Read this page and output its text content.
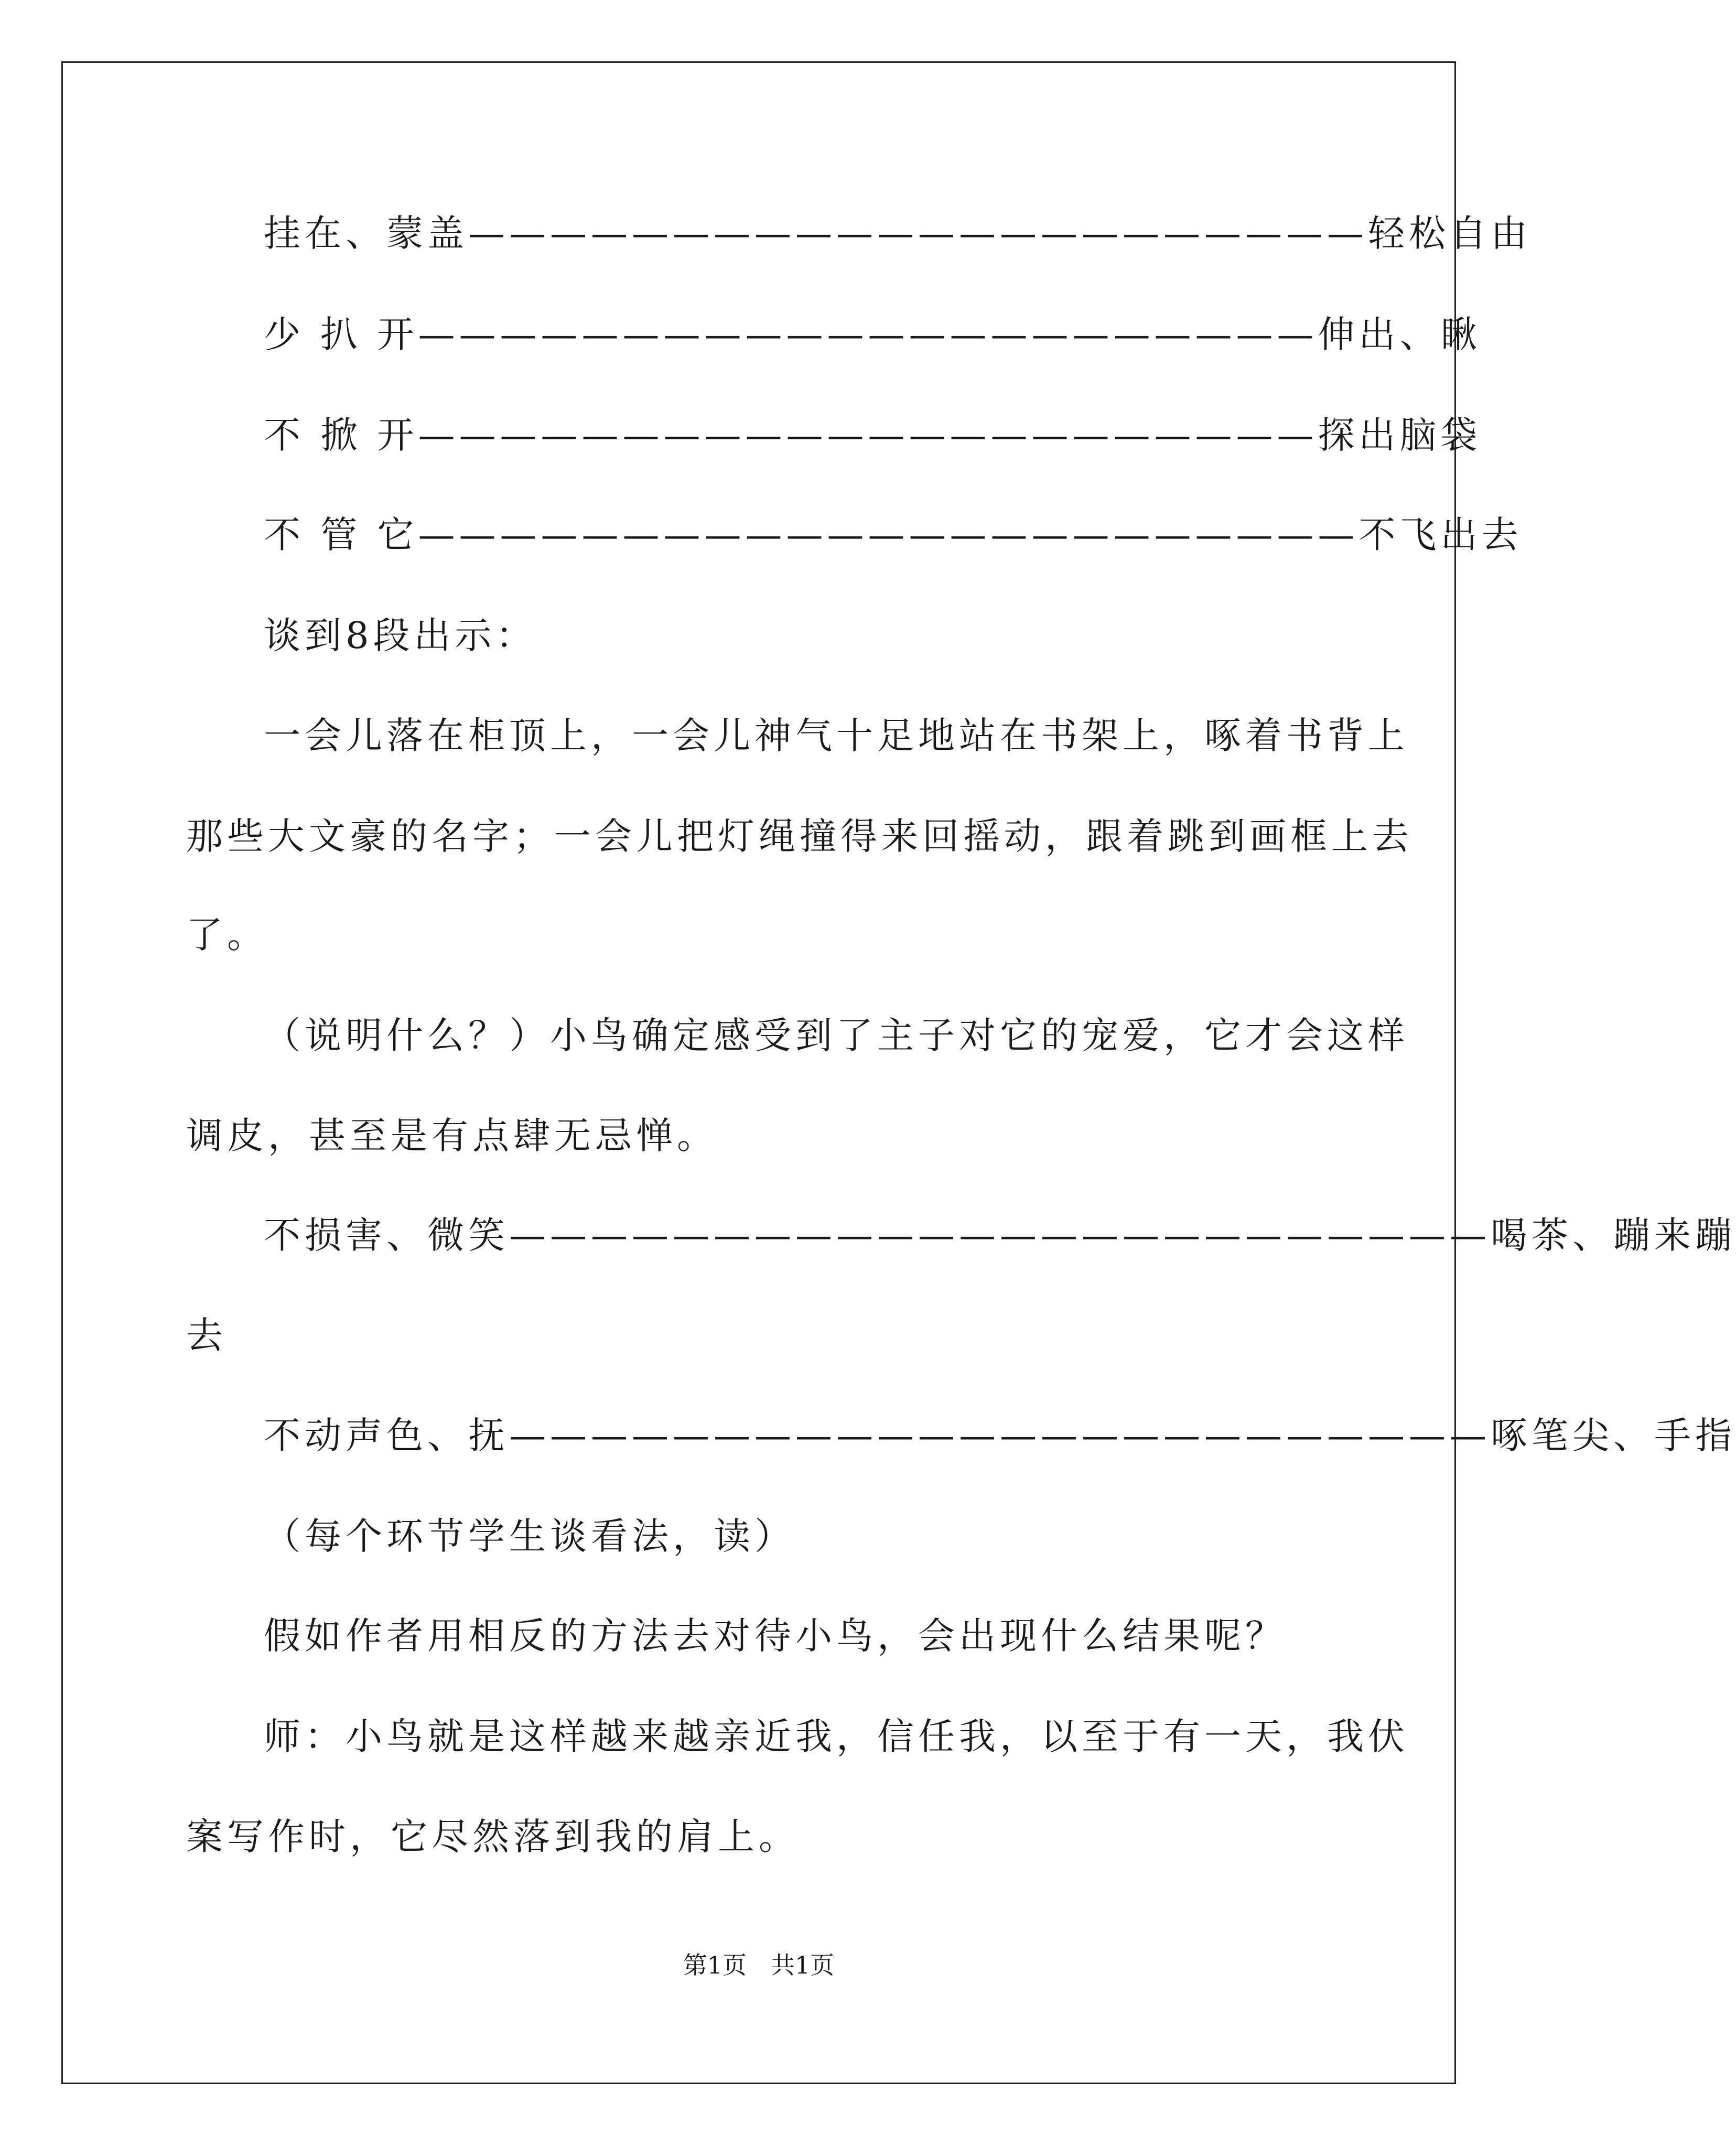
挂在、蒙盖——————————————————————轻松自由
少 扒 开——————————————————————伸出、瞅
不 掀 开——————————————————————探出脑袋
不 管 它———————————————————————不飞出去
谈到8段出示：
一会儿落在柜顶上，一会儿神气十足地站在书架上，啄着书背上
那些大文豪的名字；一会儿把灯绳撞得来回摇动，跟着跳到画框上去
了。
（说明什么？）小鸟确定感受到了主子对它的宠爱，它才会这样
调皮，甚至是有点肆无忌惮。
不损害、微笑————————————————————————喝茶、蹦来蹦
去
不动声色、抚————————————————————————啄笔尖、手指
（每个环节学生谈看法，读）
假如作者用相反的方法去对待小鸟，会出现什么结果呢？
师：小鸟就是这样越来越亲近我，信任我，以至于有一天，我伏
案写作时，它尽然落到我的肩上。
第1页　共1页
